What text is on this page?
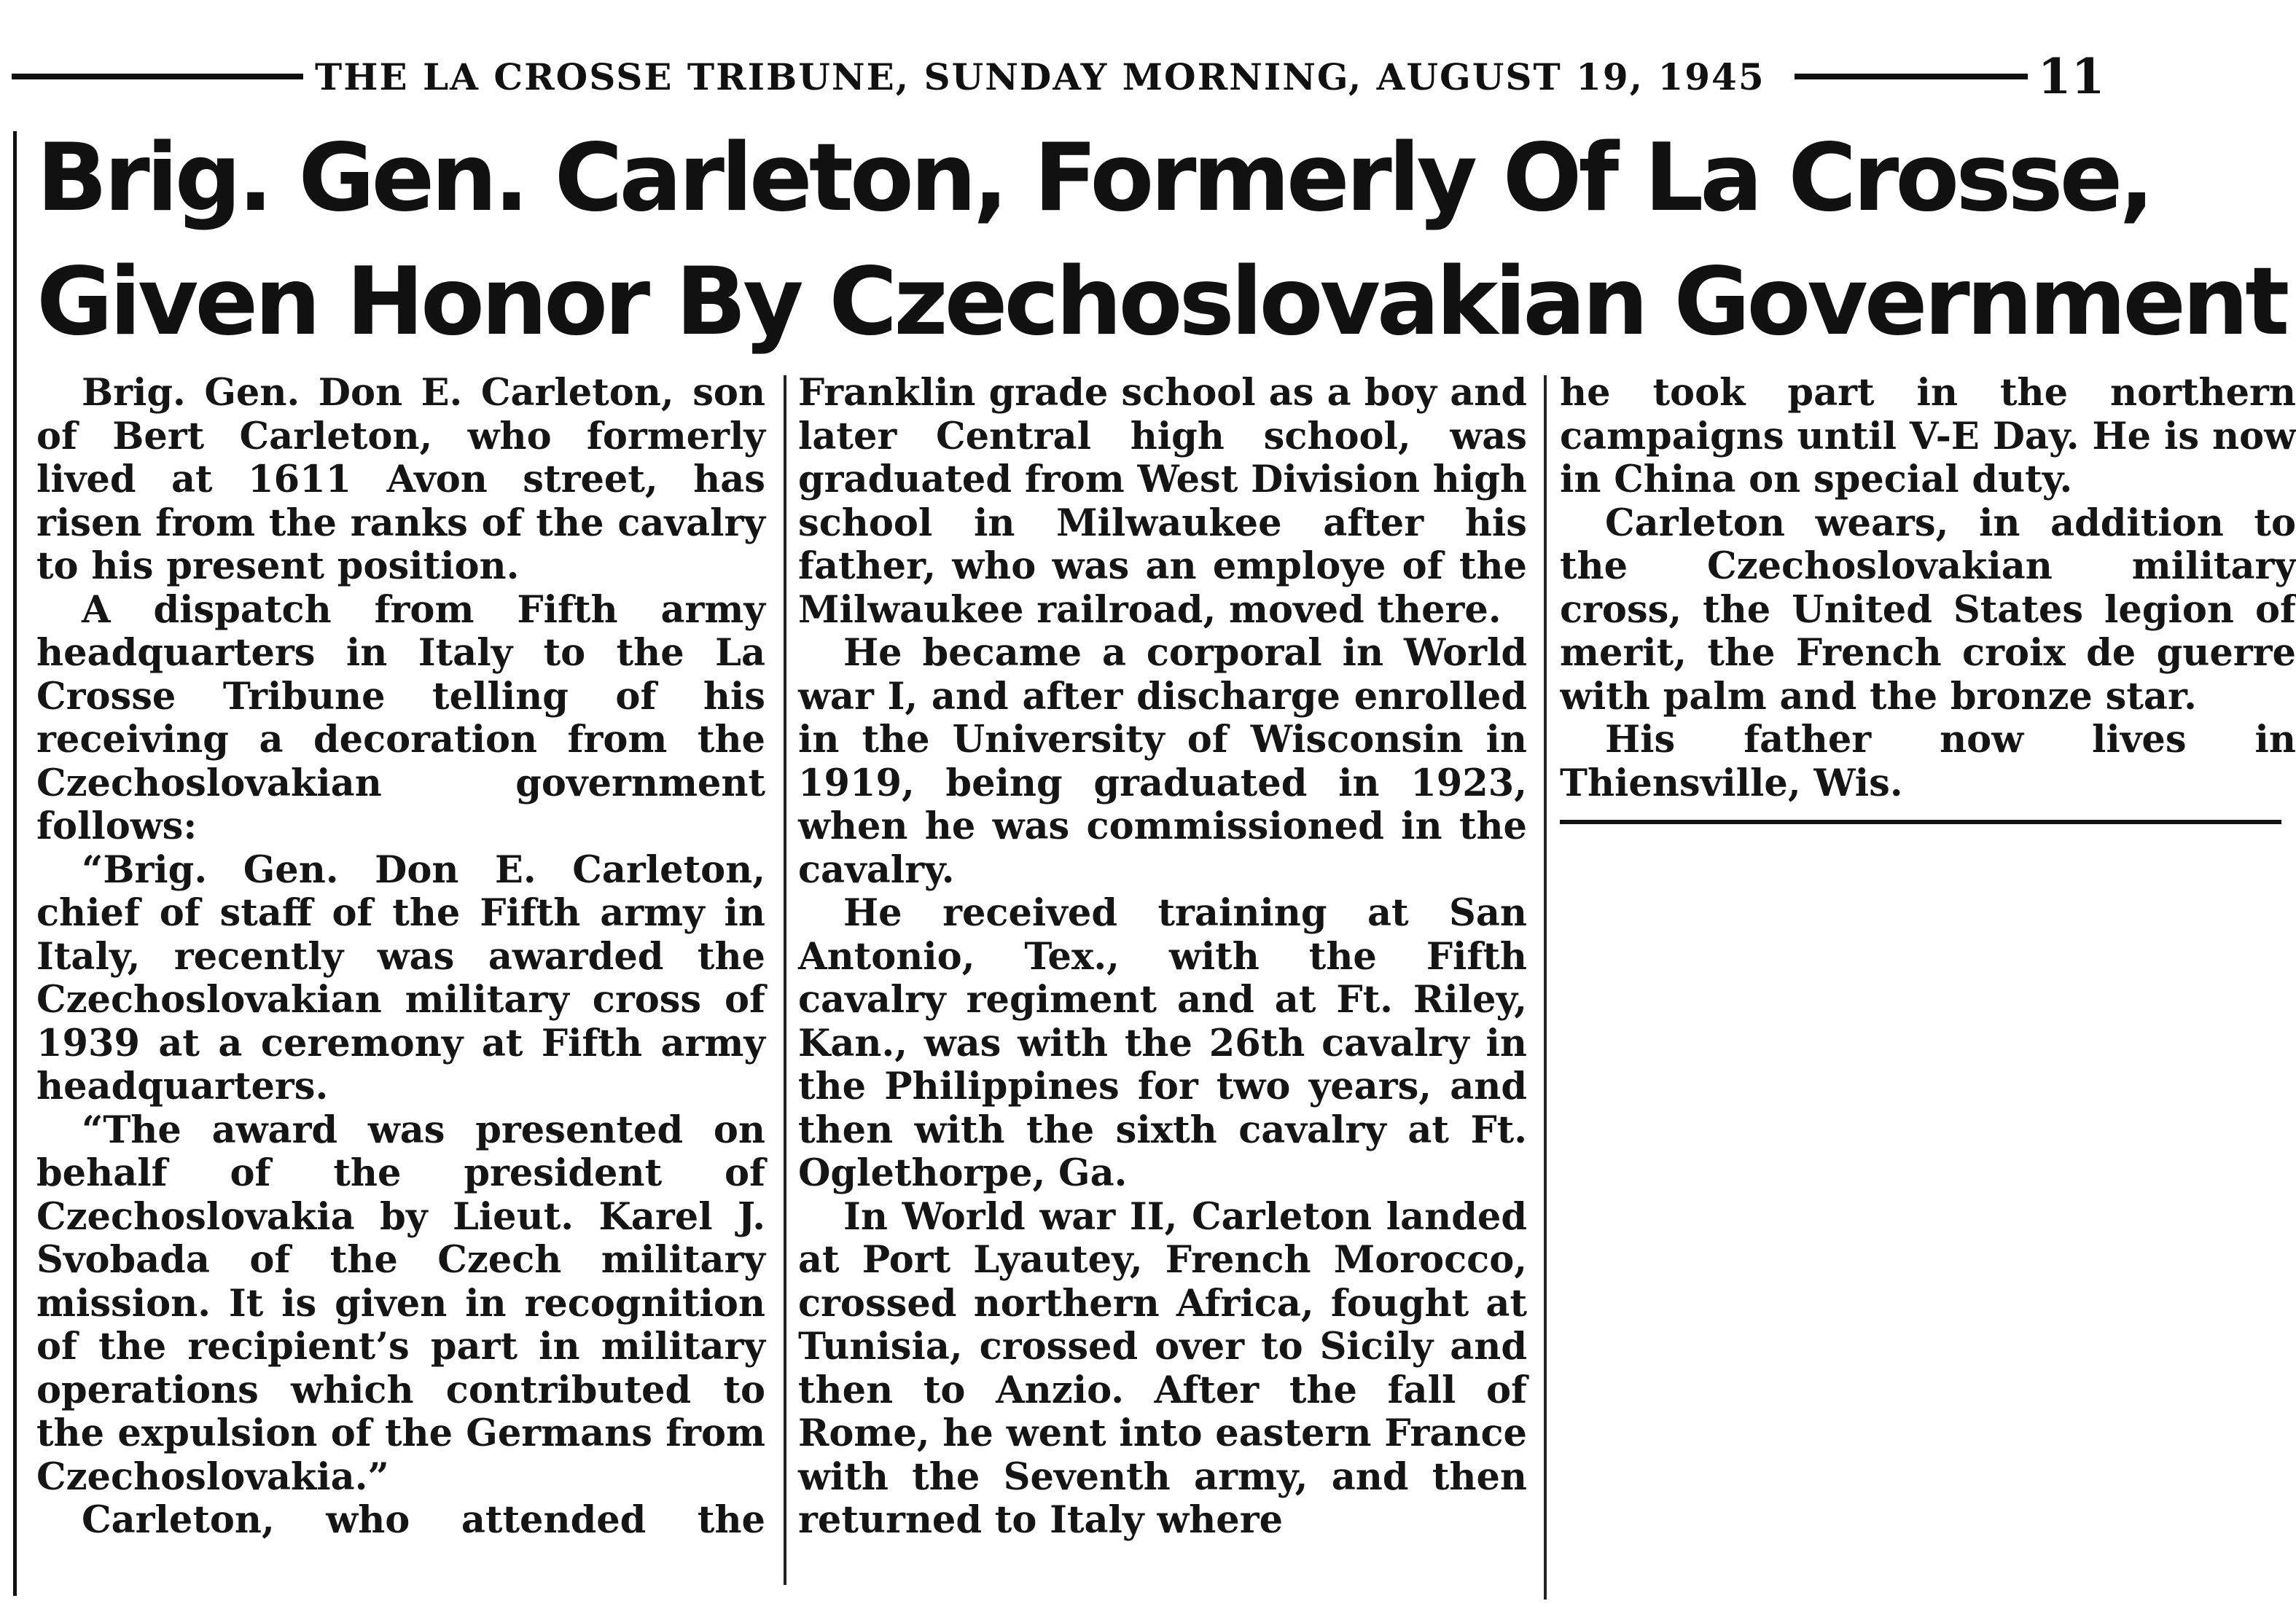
THE LA CROSSE TRIBUNE, SUNDAY MORNING, AUGUST 19, 1945	11
Brig. Gen. Carleton, Formerly Of La Crosse,
Given Honor By Czechoslovakian Government

Brig. Gen. Don E. Carleton, son of Bert Carleton, who formerly lived at 1611 Avon street, has risen from the ranks of the cavalry to his present position.

A dispatch from Fifth army headquarters in Italy to the La Crosse Tribune telling of his receiving a decoration from the Czechoslovakian government follows:

“Brig. Gen. Don E. Carleton, chief of staff of the Fifth army in Italy, recently was awarded the Czechoslovakian military cross of 1939 at a ceremony at Fifth army headquarters.

“The award was presented on behalf of the president of Czechoslovakia by Lieut. Karel J. Svobada of the Czech military mission. It is given in recognition of the recipient’s part in military operations which contributed to the expulsion of the Germans from Czechoslovakia.”

Carleton, who attended the

Franklin grade school as a boy and later Central high school, was graduated from West Division high school in Milwaukee after his father, who was an employe of the Milwaukee railroad, moved there.

He became a corporal in World war I, and after discharge enrolled in the University of Wisconsin in 1919, being graduated in 1923, when he was commissioned in the cavalry.

He received training at San Antonio, Tex., with the Fifth cavalry regiment and at Ft. Riley, Kan., was with the 26th cavalry in the Philippines for two years, and then with the sixth cavalry at Ft. Oglethorpe, Ga.

In World war II, Carleton landed at Port Lyautey, French Morocco, crossed northern Africa, fought at Tunisia, crossed over to Sicily and then to Anzio. After the fall of Rome, he went into eastern France with the Seventh army, and then returned to Italy where

he took part in the northern campaigns until V-E Day. He is now in China on special duty.

Carleton wears, in addition to the Czechoslovakian military cross, the United States legion of merit, the French croix de guerre with palm and the bronze star.

His father now lives in Thiensville, Wis.
